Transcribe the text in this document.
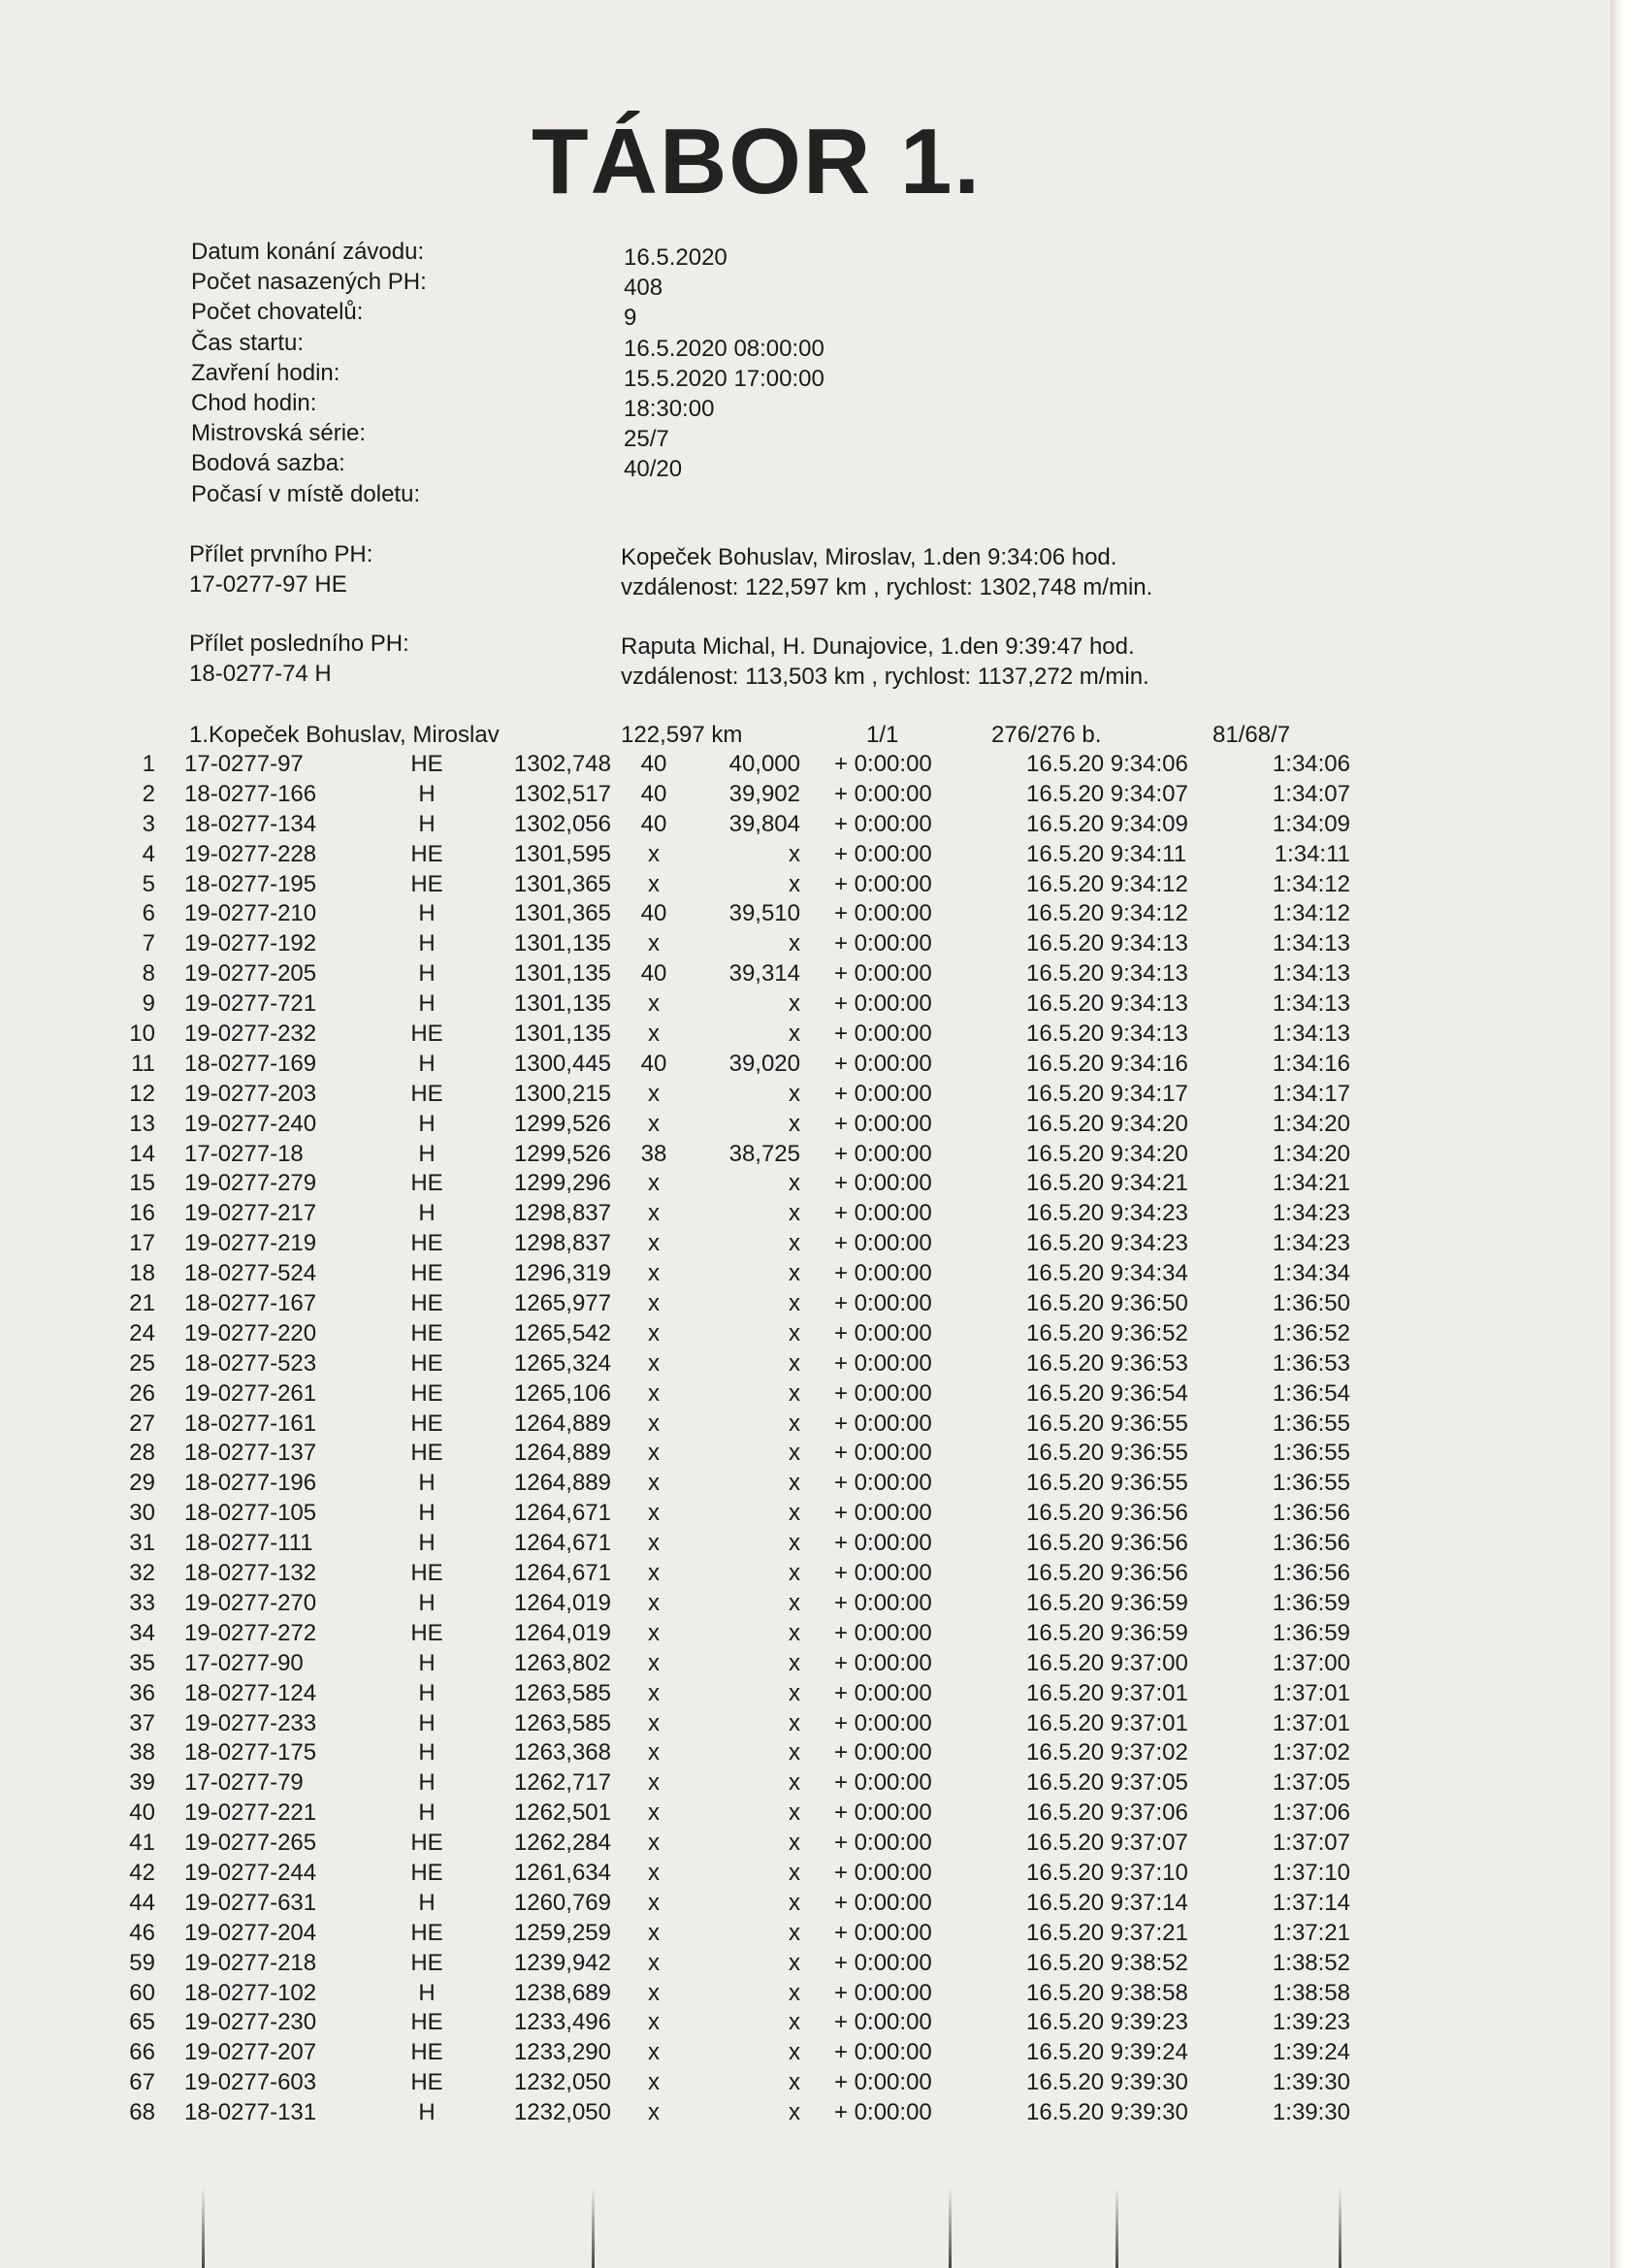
TÁBOR 1.
Datum konání závodu:	16.5.2020
Počet nasazených PH:	408
Počet chovatelů:	9
Čas startu:	16.5.2020 08:00:00
Zavření hodin:	15.5.2020 17:00:00
Chod hodin:	18:30:00
Mistrovská série:	25/7
Bodová sazba:	40/20
Počasí v místě doletu:
Přílet prvního PH:
17-0277-97 HE
Kopeček Bohuslav, Miroslav, 1.den 9:34:06 hod.
vzdálenost: 122,597 km , rychlost: 1302,748 m/min.
Přílet posledního PH:
18-0277-74 H
Raputa Michal, H. Dunajovice, 1.den 9:39:47 hod.
vzdálenost: 113,503 km , rychlost: 1137,272 m/min.
1.Kopeček Bohuslav, Miroslav	122,597 km	1/1	276/276 b.	81/68/7
1 17-0277-97	HE	1302,748 40	40,000 + 0:00:00	16.5.20 9:34:06	1:34:06
2 18-0277-166	H	1302,517 40	39,902 + 0:00:00	16.5.20 9:34:07	1:34:07
3 18-0277-134	H	1302,056 40	39,804 + 0:00:00	16.5.20 9:34:09	1:34:09
4 19-0277-228	HE	1301,595	x	x + 0:00:00	16.5.20 9:34:11	1:34:11
5 18-0277-195	HE	1301,365	x	x + 0:00:00	16.5.20 9:34:12	1:34:12
6 19-0277-210	H	1301,365 40	39,510 + 0:00:00	16.5.20 9:34:12	1:34:12
7 19-0277-192	H	1301,135	x	x + 0:00:00	16.5.20 9:34:13	1:34:13
8 19-0277-205	H	1301,135 40	39,314 + 0:00:00	16.5.20 9:34:13	1:34:13
9 19-0277-721	H	1301,135	x	x + 0:00:00	16.5.20 9:34:13	1:34:13
10 19-0277-232	HE	1301,135	x	x + 0:00:00	16.5.20 9:34:13	1:34:13
11 18-0277-169	H	1300,445 40	39,020 + 0:00:00	16.5.20 9:34:16	1:34:16
12 19-0277-203	HE	1300,215	x	x + 0:00:00	16.5.20 9:34:17	1:34:17
13 19-0277-240	H	1299,526	x	x + 0:00:00	16.5.20 9:34:20	1:34:20
14 17-0277-18	H	1299,526 38	38,725 + 0:00:00	16.5.20 9:34:20	1:34:20
15 19-0277-279	HE	1299,296	x	x + 0:00:00	16.5.20 9:34:21	1:34:21
16 19-0277-217	H	1298,837	x	x + 0:00:00	16.5.20 9:34:23	1:34:23
17 19-0277-219	HE	1298,837	x	x + 0:00:00	16.5.20 9:34:23	1:34:23
18 18-0277-524	HE	1296,319	x	x + 0:00:00	16.5.20 9:34:34	1:34:34
21 18-0277-167	HE	1265,977	x	x + 0:00:00	16.5.20 9:36:50	1:36:50
24 19-0277-220	HE	1265,542	x	x + 0:00:00	16.5.20 9:36:52	1:36:52
25 18-0277-523	HE	1265,324	x	x + 0:00:00	16.5.20 9:36:53	1:36:53
26 19-0277-261	HE	1265,106	x	x + 0:00:00	16.5.20 9:36:54	1:36:54
27 18-0277-161	HE	1264,889	x	x + 0:00:00	16.5.20 9:36:55	1:36:55
28 18-0277-137	HE	1264,889	x	x + 0:00:00	16.5.20 9:36:55	1:36:55
29 18-0277-196	H	1264,889	x	x + 0:00:00	16.5.20 9:36:55	1:36:55
30 18-0277-105	H	1264,671	x	x + 0:00:00	16.5.20 9:36:56	1:36:56
31 18-0277-111	H	1264,671	x	x + 0:00:00	16.5.20 9:36:56	1:36:56
32 18-0277-132	HE	1264,671	x	x + 0:00:00	16.5.20 9:36:56	1:36:56
33 19-0277-270	H	1264,019	x	x + 0:00:00	16.5.20 9:36:59	1:36:59
34 19-0277-272	HE	1264,019	x	x + 0:00:00	16.5.20 9:36:59	1:36:59
35 17-0277-90	H	1263,802	x	x + 0:00:00	16.5.20 9:37:00	1:37:00
36 18-0277-124	H	1263,585	x	x + 0:00:00	16.5.20 9:37:01	1:37:01
37 19-0277-233	H	1263,585	x	x + 0:00:00	16.5.20 9:37:01	1:37:01
38 18-0277-175	H	1263,368	x	x + 0:00:00	16.5.20 9:37:02	1:37:02
39 17-0277-79	H	1262,717	x	x + 0:00:00	16.5.20 9:37:05	1:37:05
40 19-0277-221	H	1262,501	x	x + 0:00:00	16.5.20 9:37:06	1:37:06
41 19-0277-265	HE	1262,284	x	x + 0:00:00	16.5.20 9:37:07	1:37:07
42 19-0277-244	HE	1261,634	x	x + 0:00:00	16.5.20 9:37:10	1:37:10
44 19-0277-631	H	1260,769	x	x + 0:00:00	16.5.20 9:37:14	1:37:14
46 19-0277-204	HE	1259,259	x	x + 0:00:00	16.5.20 9:37:21	1:37:21
59 19-0277-218	HE	1239,942	x	x + 0:00:00	16.5.20 9:38:52	1:38:52
60 18-0277-102	H	1238,689	x	x + 0:00:00	16.5.20 9:38:58	1:38:58
65 19-0277-230	HE	1233,496	x	x + 0:00:00	16.5.20 9:39:23	1:39:23
66 19-0277-207	HE	1233,290	x	x + 0:00:00	16.5.20 9:39:24	1:39:24
67 19-0277-603	HE	1232,050	x	x + 0:00:00	16.5.20 9:39:30	1:39:30
68 18-0277-131	H	1232,050	x	x + 0:00:00	16.5.20 9:39:30	1:39:30
